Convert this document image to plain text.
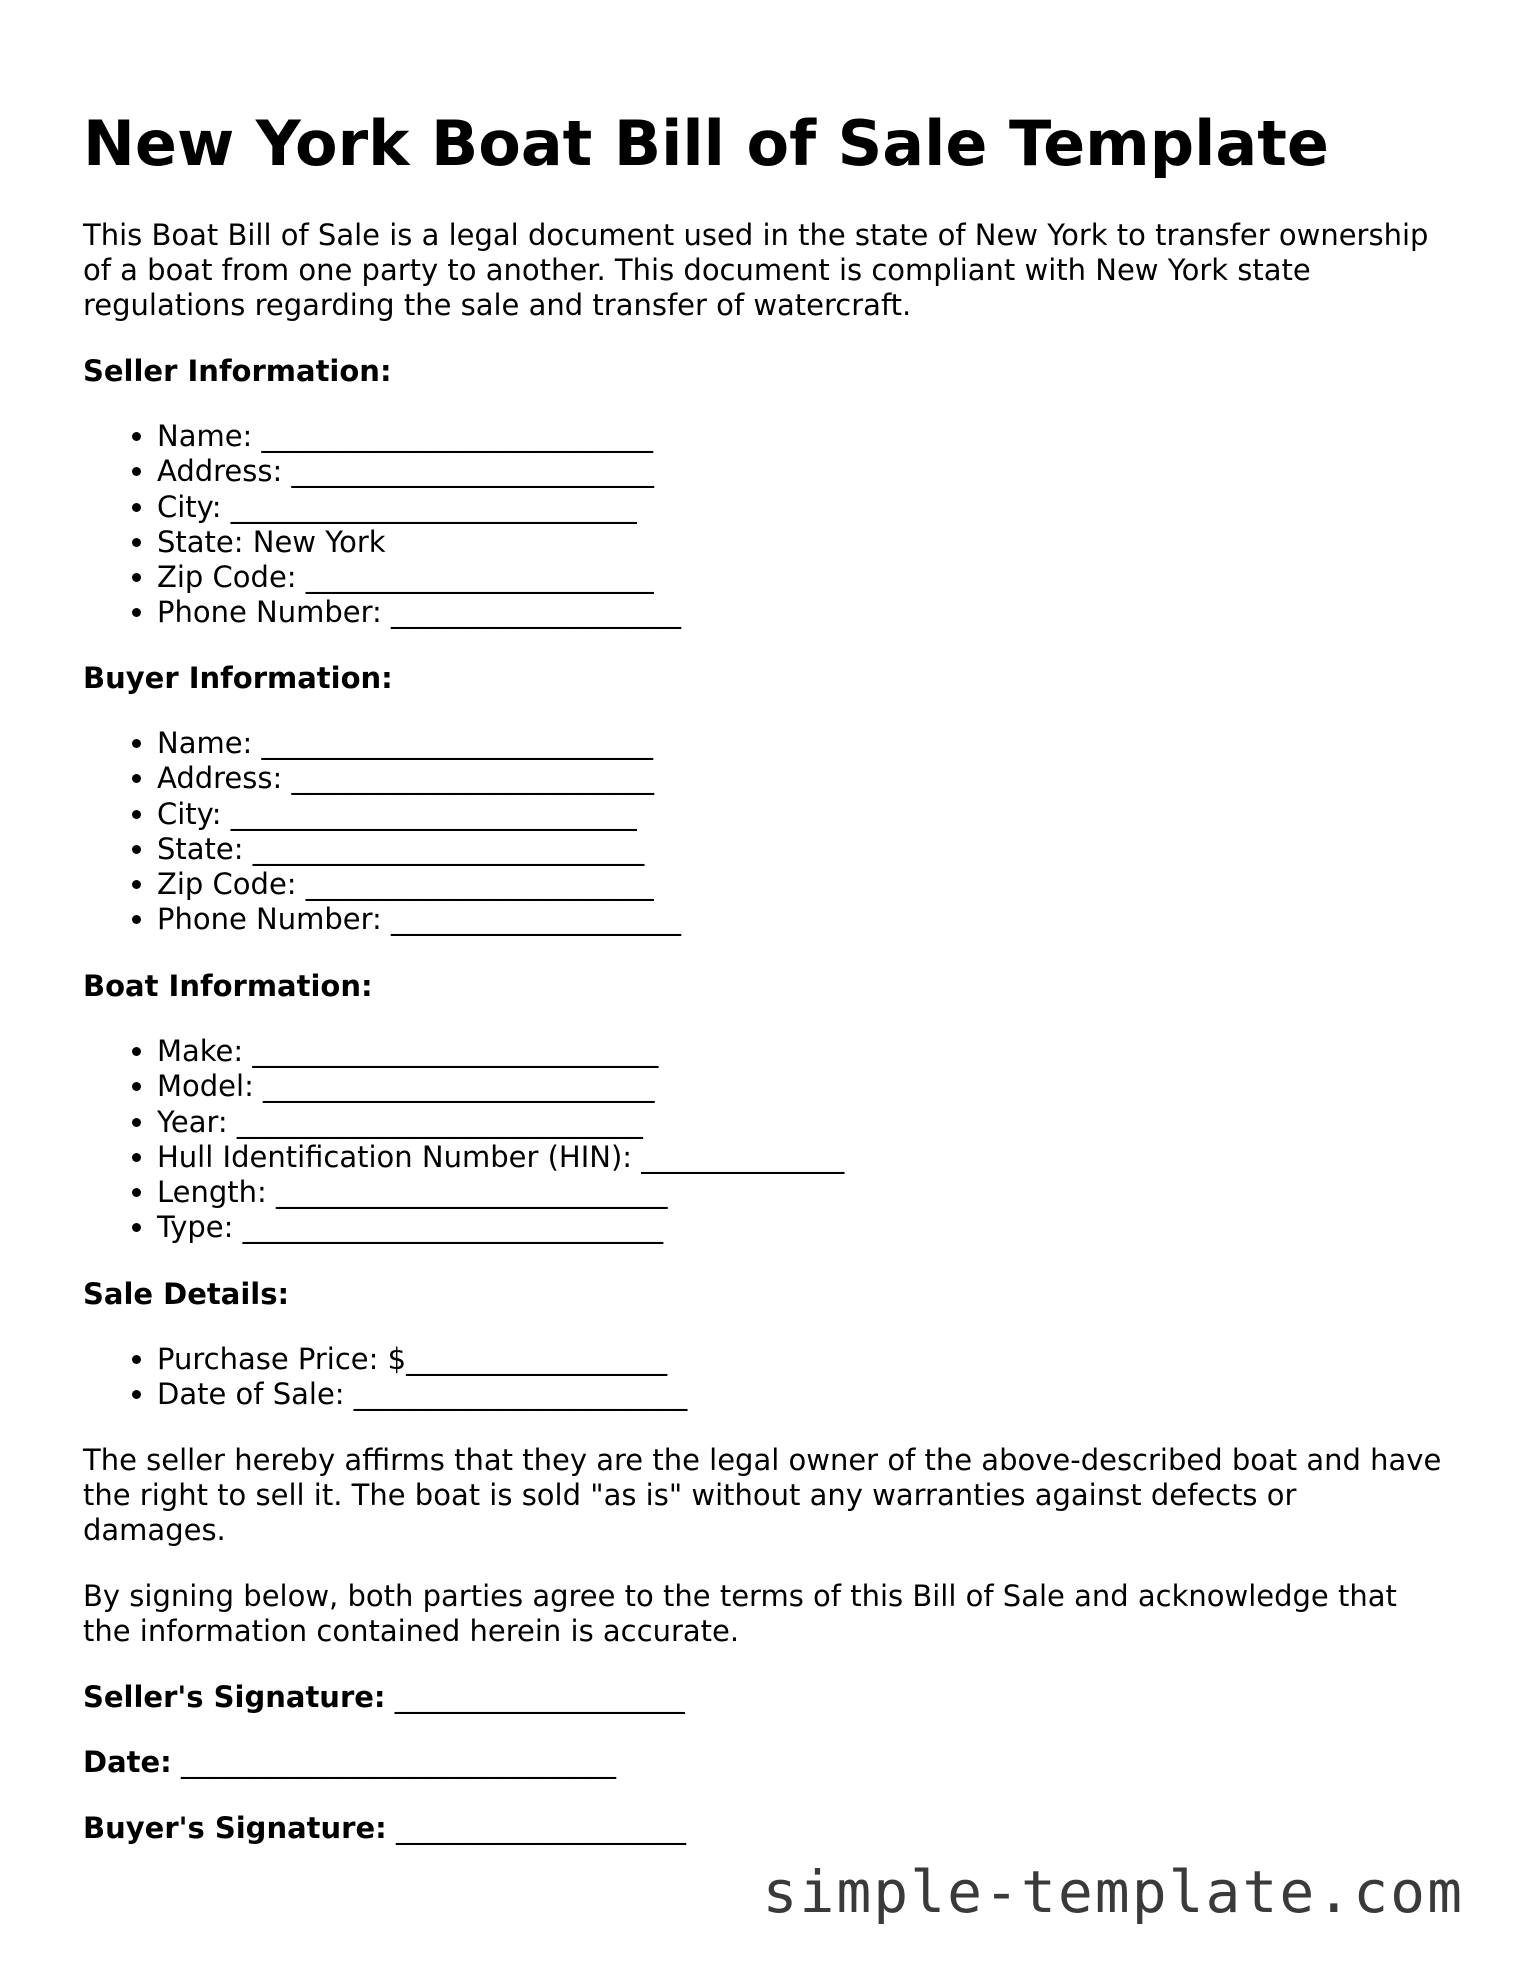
New York Boat Bill of Sale Template
This Boat Bill of Sale is a legal document used in the state of New York to transfer ownership of a boat from one party to another. This document is compliant with New York state regulations regarding the sale and transfer of watercraft.
Seller Information:
• Name: ___________________________
• Address: _________________________
• City: ____________________________
• State: New York
• Zip Code: ________________________
• Phone Number: ____________________
Buyer Information:
• Name: ___________________________
• Address: _________________________
• City: ____________________________
• State: ___________________________
• Zip Code: ________________________
• Phone Number: ____________________
Boat Information:
• Make: ____________________________
• Model: ___________________________
• Year: ____________________________
• Hull Identification Number (HIN): ______________
• Length: ___________________________
• Type: _____________________________
Sale Details:
• Purchase Price: $__________________
• Date of Sale: _______________________
The seller hereby affirms that they are the legal owner of the above-described boat and have the right to sell it. The boat is sold "as is" without any warranties against defects or damages.
By signing below, both parties agree to the terms of this Bill of Sale and acknowledge that the information contained herein is accurate.
Seller's Signature: ____________________
Date: ______________________________
Buyer's Signature: ____________________
simple-template.com
